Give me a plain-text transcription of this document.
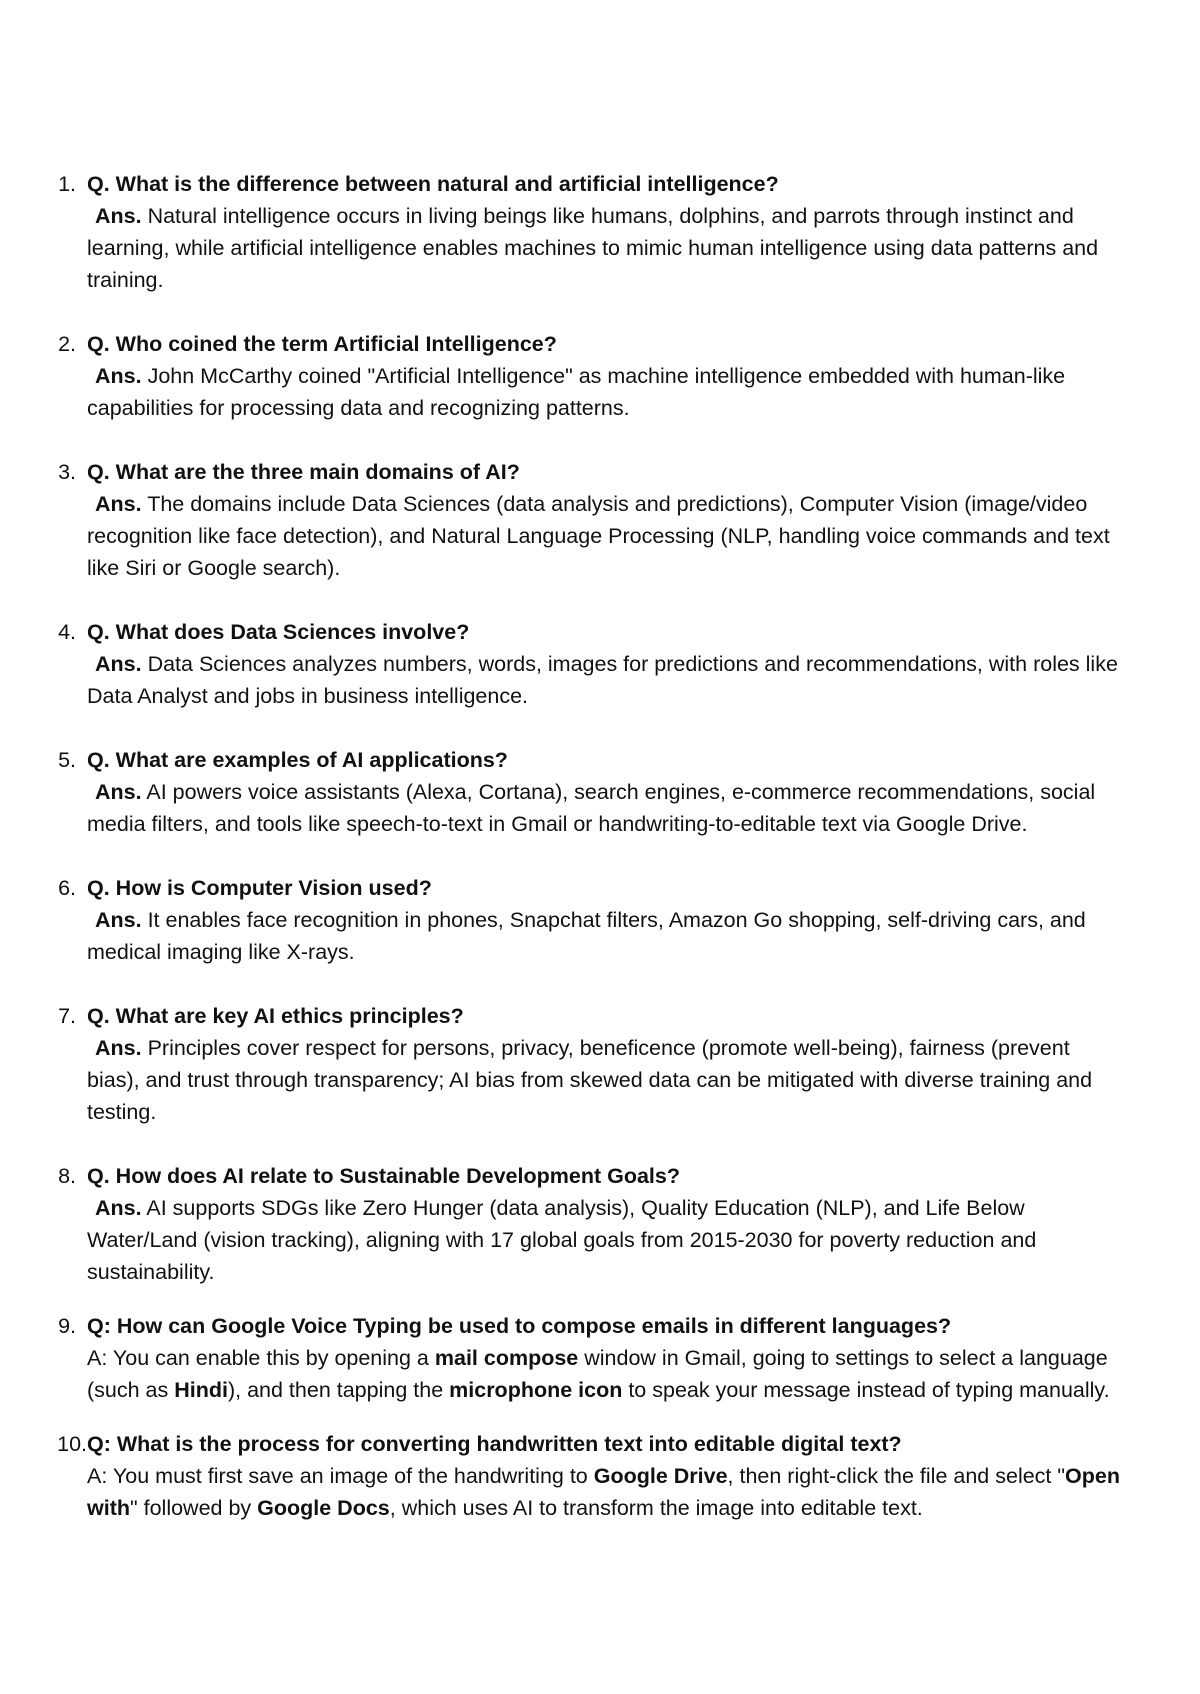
1. Q. What is the difference between natural and artificial intelligence?
Ans. Natural intelligence occurs in living beings like humans, dolphins, and parrots through instinct and learning, while artificial intelligence enables machines to mimic human intelligence using data patterns and training.
2. Q. Who coined the term Artificial Intelligence?
Ans. John McCarthy coined "Artificial Intelligence" as machine intelligence embedded with human-like capabilities for processing data and recognizing patterns.
3. Q. What are the three main domains of AI?
Ans. The domains include Data Sciences (data analysis and predictions), Computer Vision (image/video recognition like face detection), and Natural Language Processing (NLP, handling voice commands and text like Siri or Google search).
4. Q. What does Data Sciences involve?
Ans. Data Sciences analyzes numbers, words, images for predictions and recommendations, with roles like Data Analyst and jobs in business intelligence.
5. Q. What are examples of AI applications?
Ans. AI powers voice assistants (Alexa, Cortana), search engines, e-commerce recommendations, social media filters, and tools like speech-to-text in Gmail or handwriting-to-editable text via Google Drive.
6. Q. How is Computer Vision used?
Ans. It enables face recognition in phones, Snapchat filters, Amazon Go shopping, self-driving cars, and medical imaging like X-rays.
7. Q. What are key AI ethics principles?
Ans. Principles cover respect for persons, privacy, beneficence (promote well-being), fairness (prevent bias), and trust through transparency; AI bias from skewed data can be mitigated with diverse training and testing.
8. Q. How does AI relate to Sustainable Development Goals?
Ans. AI supports SDGs like Zero Hunger (data analysis), Quality Education (NLP), and Life Below Water/Land (vision tracking), aligning with 17 global goals from 2015-2030 for poverty reduction and sustainability.
9. Q: How can Google Voice Typing be used to compose emails in different languages?
A: You can enable this by opening a mail compose window in Gmail, going to settings to select a language (such as Hindi), and then tapping the microphone icon to speak your message instead of typing manually.
10. Q: What is the process for converting handwritten text into editable digital text?
A: You must first save an image of the handwriting to Google Drive, then right-click the file and select "Open with" followed by Google Docs, which uses AI to transform the image into editable text.
